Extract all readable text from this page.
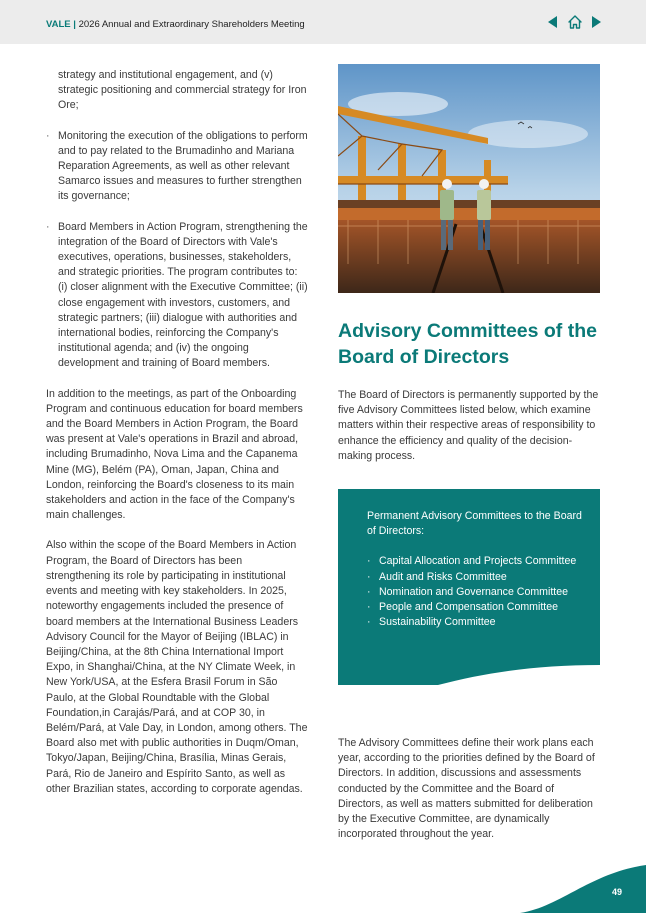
VALE | 2026 Annual and Extraordinary Shareholders Meeting

strategy and institutional engagement, and (v) strategic positioning and commercial strategy for Iron Ore;

· Monitoring the execution of the obligations to perform and to pay related to the Brumadinho and Mariana Reparation Agreements, as well as other relevant Samarco issues and measures to further strengthen its governance;
· Board Members in Action Program, strengthening the integration of the Board of Directors with Vale's executives, operations, businesses, stakeholders, and strategic priorities. The program contributes to: (i) closer alignment with the Executive Committee; (ii) close engagement with investors, customers, and strategic partners; (iii) dialogue with authorities and international bodies, reinforcing the Company's institutional agenda; and (iv) the ongoing development and training of Board members.

In addition to the meetings, as part of the Onboarding Program and continuous education for board members and the Board Members in Action Program, the Board was present at Vale's operations in Brazil and abroad, including Brumadinho, Nova Lima and the Capanema Mine (MG), Belém (PA), Oman, Japan, China and London, reinforcing the Board's closeness to its main stakeholders and action in the face of the Company's main challenges.

Also within the scope of the Board Members in Action Program, the Board of Directors has been strengthening its role by participating in institutional events and meeting with key stakeholders. In 2025, noteworthy engagements included the presence of board members at the International Business Leaders Advisory Council for the Mayor of Beijing (IBLAC) in Beijing/China, at the 8th China International Import Expo, in Shanghai/China, at the NY Climate Week, in New York/USA, at the Esfera Brasil Forum in São Paulo, at the Global Roundtable with the Global Foundation,in Carajás/Pará, and at COP 30, in Belém/Pará, at Vale Day, in London, among others. The Board also met with public authorities in Duqm/Oman, Tokyo/Japan, Beijing/China, Brasília, Minas Gerais, Pará, Rio de Janeiro and Espírito Santo, as well as other Brazilian states, according to corporate agendas.

Advisory Committees of the Board of Directors
The Board of Directors is permanently supported by the five Advisory Committees listed below, which examine matters within their respective areas of responsibility to enhance the efficiency and quality of the decision-making process.

Permanent Advisory Committees to the Board of Directors:

· Capital Allocation and Projects Committee
· Audit and Risks Committee
· Nomination and Governance Committee
· People and Compensation Committee
· Sustainability Committee
The Advisory Committees define their work plans each year, according to the priorities defined by the Board of Directors. In addition, discussions and assessments conducted by the Committee and the Board of Directors, as well as matters submitted for deliberation by the Executive Committee, are dynamically incorporated throughout the year.
49
